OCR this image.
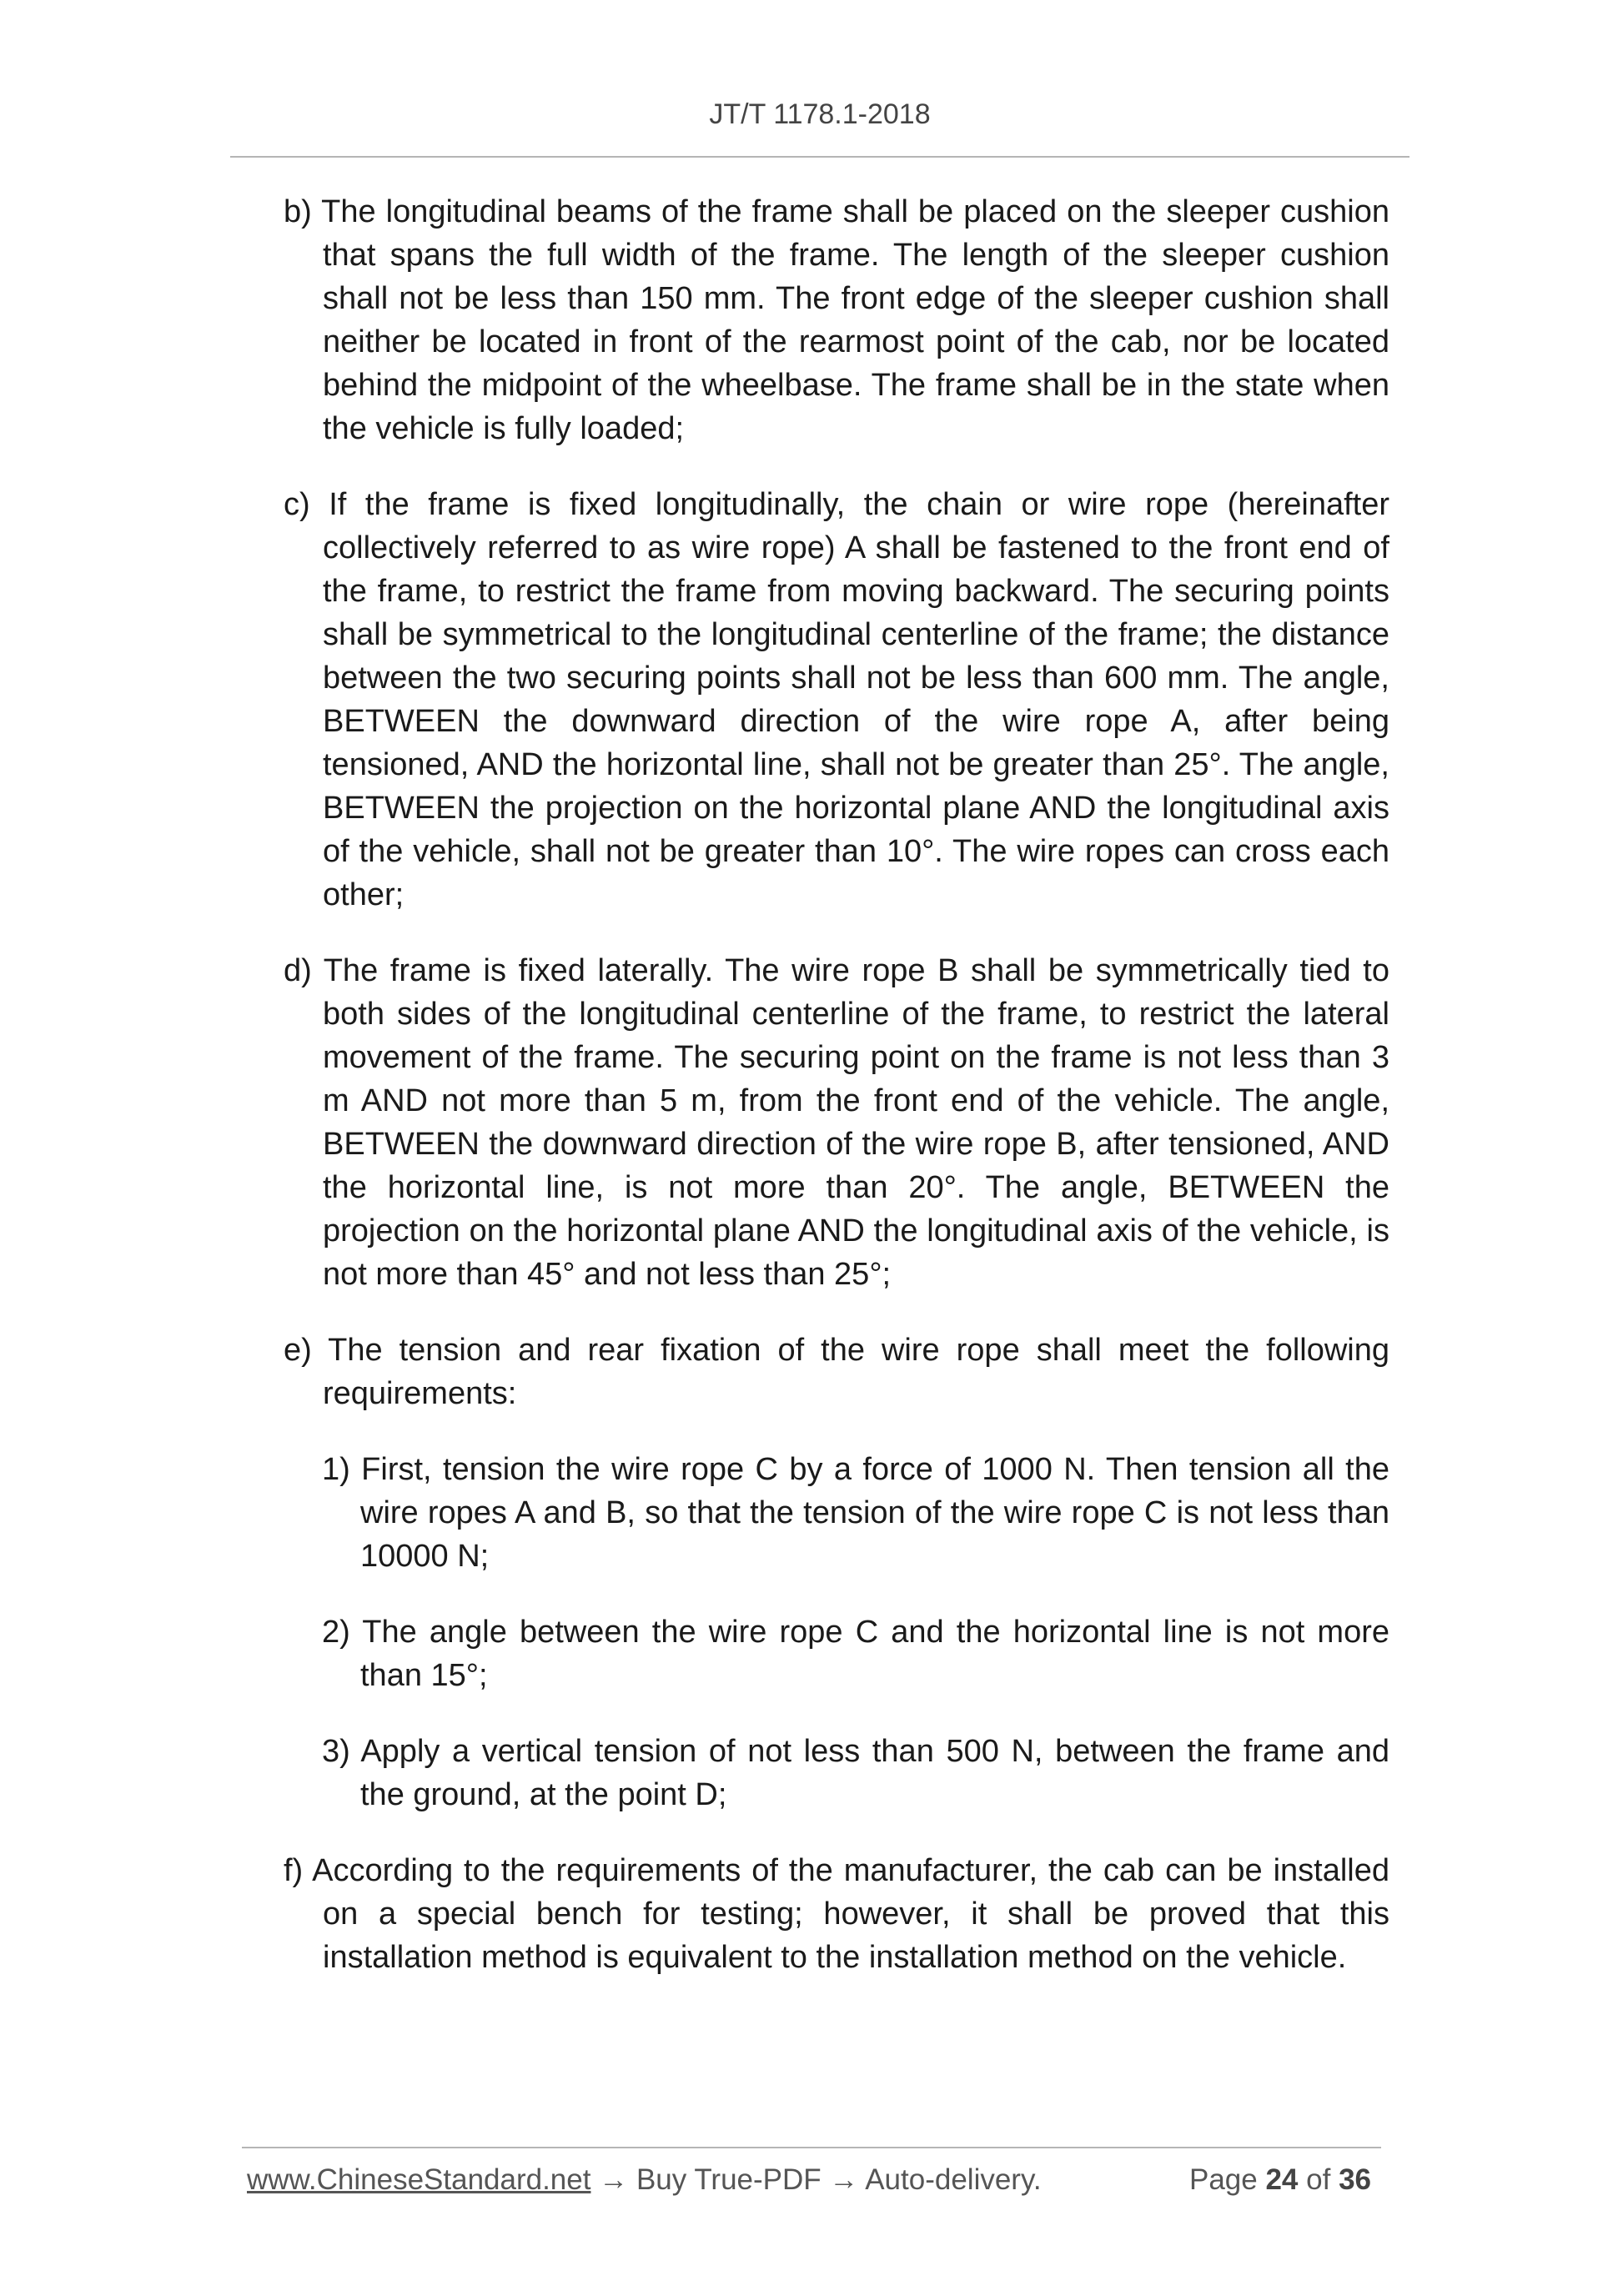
JT/T 1178.1-2018
b) The longitudinal beams of the frame shall be placed on the sleeper cushion that spans the full width of the frame. The length of the sleeper cushion shall not be less than 150 mm. The front edge of the sleeper cushion shall neither be located in front of the rearmost point of the cab, nor be located behind the midpoint of the wheelbase. The frame shall be in the state when the vehicle is fully loaded;
c) If the frame is fixed longitudinally, the chain or wire rope (hereinafter collectively referred to as wire rope) A shall be fastened to the front end of the frame, to restrict the frame from moving backward. The securing points shall be symmetrical to the longitudinal centerline of the frame; the distance between the two securing points shall not be less than 600 mm. The angle, BETWEEN the downward direction of the wire rope A, after being tensioned, AND the horizontal line, shall not be greater than 25°. The angle, BETWEEN the projection on the horizontal plane AND the longitudinal axis of the vehicle, shall not be greater than 10°. The wire ropes can cross each other;
d) The frame is fixed laterally. The wire rope B shall be symmetrically tied to both sides of the longitudinal centerline of the frame, to restrict the lateral movement of the frame. The securing point on the frame is not less than 3 m AND not more than 5 m, from the front end of the vehicle. The angle, BETWEEN the downward direction of the wire rope B, after tensioned, AND the horizontal line, is not more than 20°. The angle, BETWEEN the projection on the horizontal plane AND the longitudinal axis of the vehicle, is not more than 45° and not less than 25°;
e) The tension and rear fixation of the wire rope shall meet the following requirements:
1) First, tension the wire rope C by a force of 1000 N. Then tension all the wire ropes A and B, so that the tension of the wire rope C is not less than 10000 N;
2) The angle between the wire rope C and the horizontal line is not more than 15°;
3) Apply a vertical tension of not less than 500 N, between the frame and the ground, at the point D;
f) According to the requirements of the manufacturer, the cab can be installed on a special bench for testing; however, it shall be proved that this installation method is equivalent to the installation method on the vehicle.
www.ChineseStandard.net → Buy True-PDF → Auto-delivery.	Page 24 of 36
